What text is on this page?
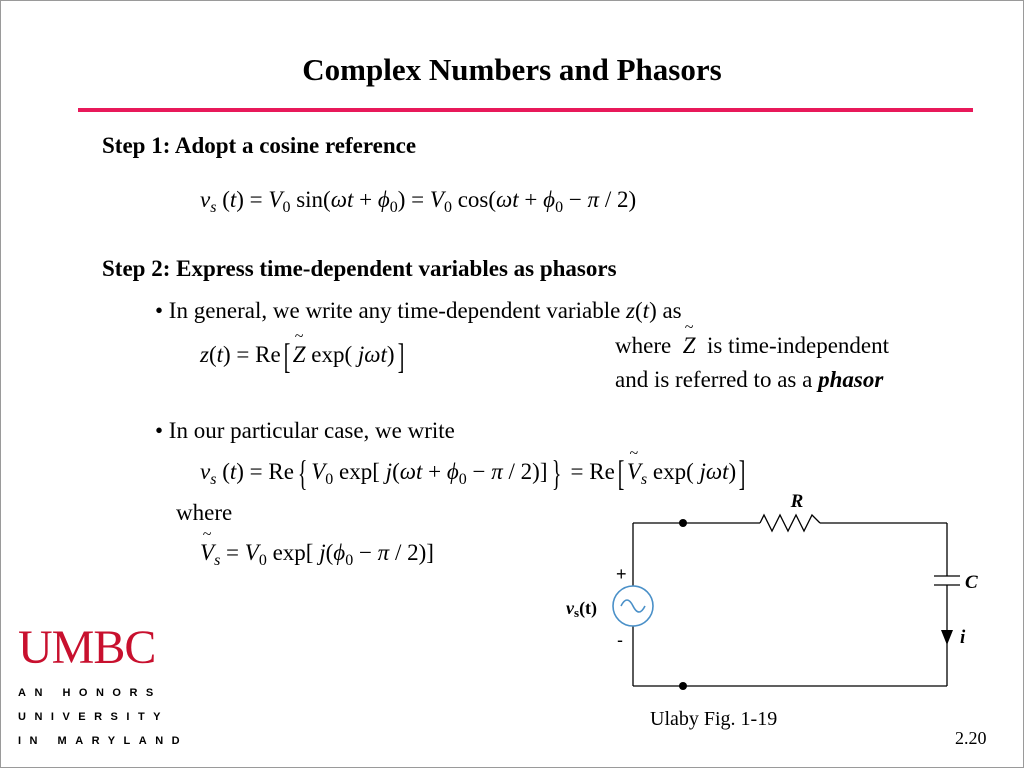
Complex Numbers and Phasors
Step 1: Adopt a cosine reference
$v_s$ $(t) = V_0$ $\sin(\omega t + \phi_0) = V_0$ $\cos(\omega t + \phi_0 - \pi / 2)$
Step 2: Express time-dependent variables as phasors
• In general, we write any time-dependent variable z(t) as
z(t) = Re[ ~ Z exp( jωt)]	where ~ Z is time-independent
and is referred to as a phasor
• In our particular case, we write
$v_s$ (t) = Re { $V_0$ exp[ $j(\omega t + \phi_0 - \pi / 2)$] } = Re[ ~ $V_s$ exp( jωt)]
where
~ $V_s = V_0$ exp[ $j(\phi_0 - \pi / 2)$]
R
C
i
+
-
vs(t)
Ulaby Fig. 1-19
UMBC
AN HONORS
UNIVERSITY
IN MARYLAND	2.20
